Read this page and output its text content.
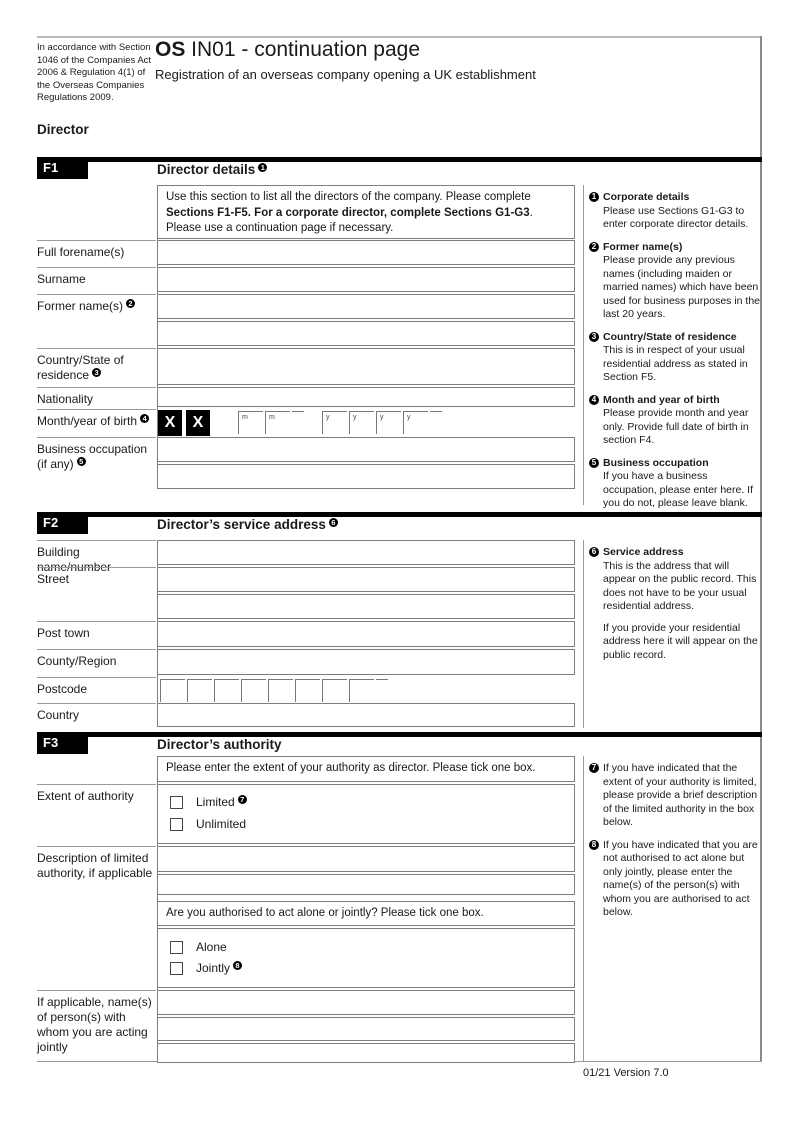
In accordance with Section 1046 of the Companies Act 2006 & Regulation 4(1) of the Overseas Companies Regulations 2009.
OS IN01 - continuation page
Registration of an overseas company opening a UK establishment
Director
F1	Director details 1
Use this section to list all the directors of the company. Please complete Sections F1-F5. For a corporate director, complete Sections G1-G3. Please use a continuation page if necessary.
Full forename(s)
Surname
Former name(s) 2
Country/State of residence 3
Nationality
Month/year of birth 4	X	X	m	m	y	y	y	y
Business occupation (if any) 5
1 Corporate details
Please use Sections G1-G3 to enter corporate director details.
2 Former name(s)
Please provide any previous names (including maiden or married names) which have been used for business purposes in the last 20 years.
3 Country/State of residence
This is in respect of your usual residential address as stated in Section F5.
4 Month and year of birth
Please provide month and year only. Provide full date of birth in section F4.
5 Business occupation
If you have a business occupation, please enter here. If you do not, please leave blank.
F2	Director’s service address 6
Building name/number
Street
Post town
County/Region
Postcode
Country
6 Service address
This is the address that will appear on the public record. This does not have to be your usual residential address.
If you provide your residential address here it will appear on the public record.
F3	Director’s authority
Please enter the extent of your authority as director. Please tick one box.
Extent of authority	Limited 7
Unlimited
Description of limited authority, if applicable
Are you authorised to act alone or jointly? Please tick one box.
Alone
Jointly 8
If applicable, name(s) of person(s) with whom you are acting jointly
7 If you have indicated that the extent of your authority is limited, please provide a brief description of the limited authority in the box below.
8 If you have indicated that you are not authorised to act alone but only jointly, please enter the name(s) of the person(s) with whom you are authorised to act below.
01/21 Version 7.0
